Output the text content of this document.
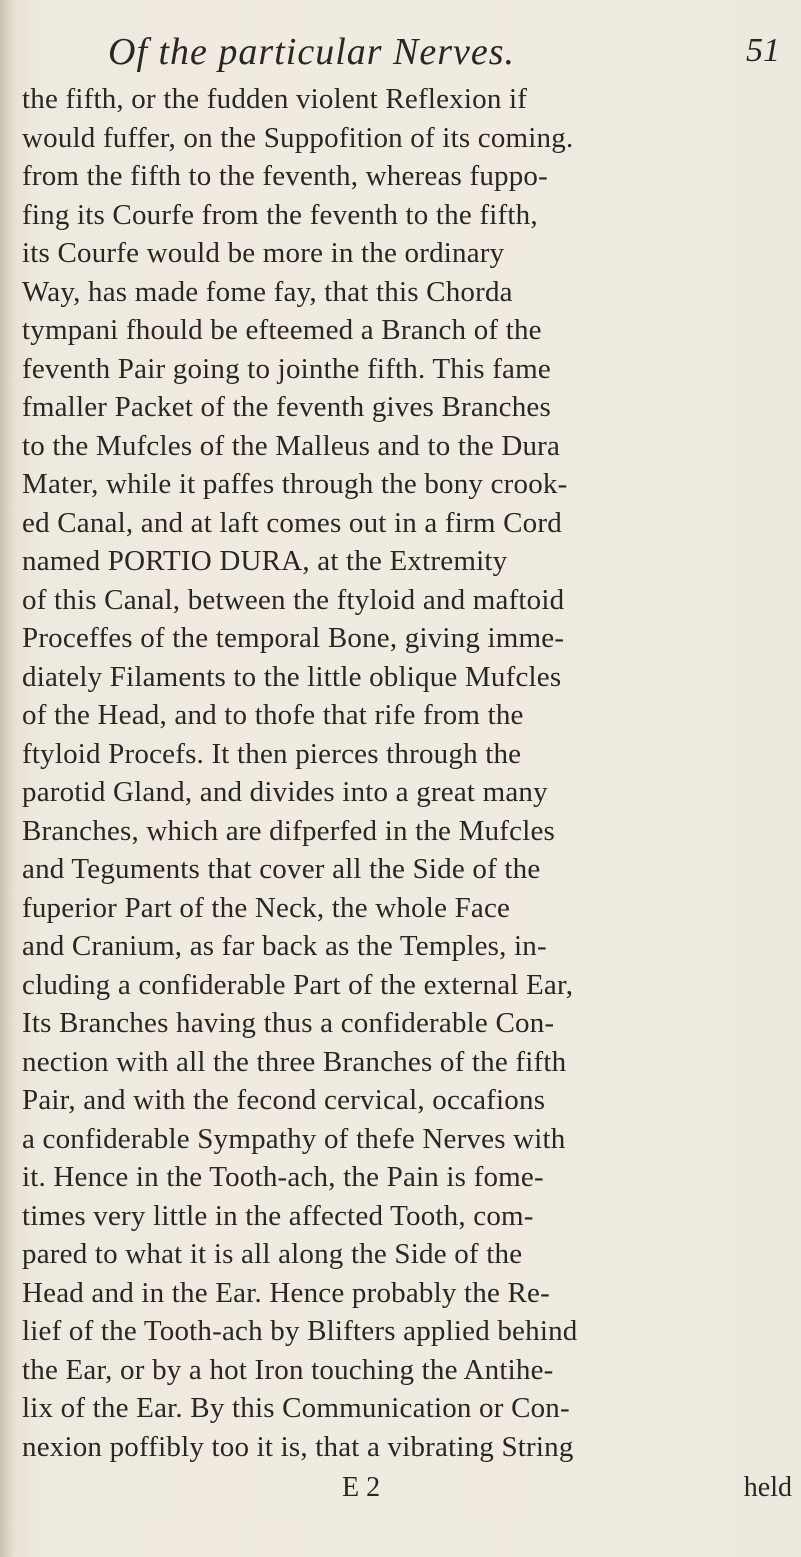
Of the particular Nerves.	51
the fifth, or the fudden violent Reflexion if
would fuffer, on the Suppofition of its coming.
from the fifth to the feventh, whereas fuppo-
fing its Courfe from the feventh to the fifth,
its Courfe would be more in the ordinary
Way, has made fome fay, that this Chorda
tympani fhould be efteemed a Branch of the
feventh Pair going to jointhe fifth. This fame
fmaller Packet of the feventh gives Branches
to the Mufcles of the Malleus and to the Dura
Mater, while it paffes through the bony crook-
ed Canal, and at laft comes out in a firm Cord
named PORTIO DURA, at the Extremity
of this Canal, between the ftyloid and maftoid
Proceffes of the temporal Bone, giving imme-
diately Filaments to the little oblique Mufcles
of the Head, and to thofe that rife from the
ftyloid Procefs. It then pierces through the
parotid Gland, and divides into a great many
Branches, which are difperfed in the Mufcles
and Teguments that cover all the Side of the
fuperior Part of the Neck, the whole Face
and Cranium, as far back as the Temples, in-
cluding a confiderable Part of the external Ear,
Its Branches having thus a confiderable Con-
nection with all the three Branches of the fifth
Pair, and with the fecond cervical, occafions
a confiderable Sympathy of thefe Nerves with
it. Hence in the Tooth-ach, the Pain is fome-
times very little in the affected Tooth, com-
pared to what it is all along the Side of the
Head and in the Ear. Hence probably the Re-
lief of the Tooth-ach by Blifters applied behind
the Ear, or by a hot Iron touching the Antihe-
lix of the Ear. By this Communication or Con-
nexion poffibly too it is, that a vibrating String
E 2	held
